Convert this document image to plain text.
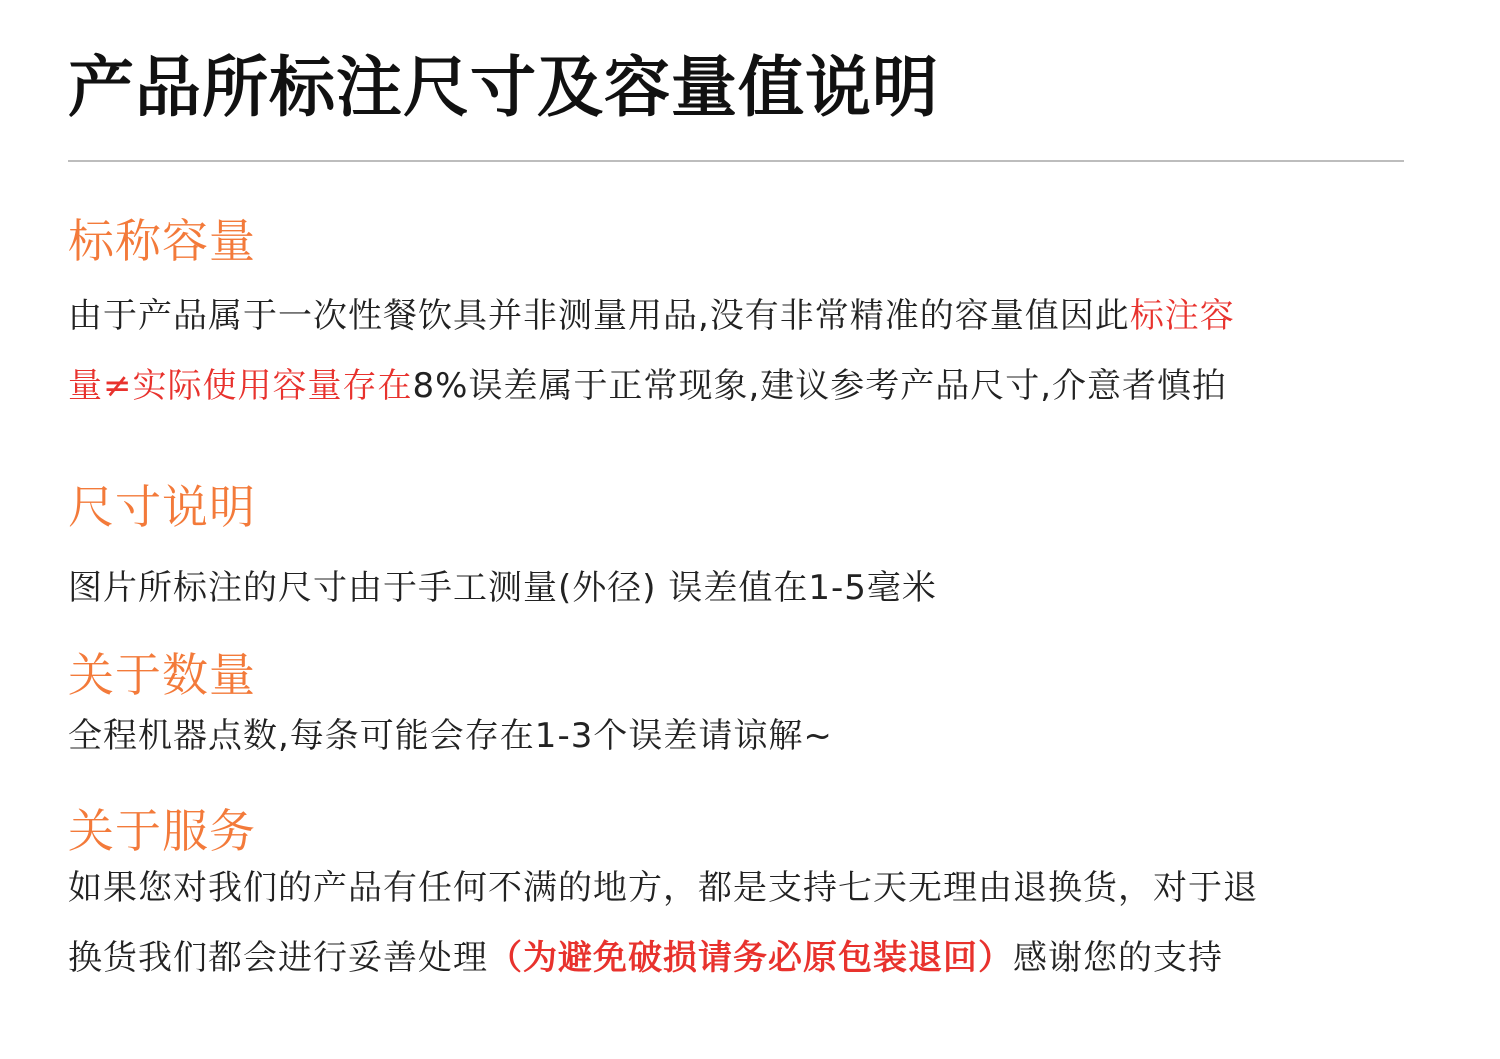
产品所标注尺寸及容量值说明
标称容量
由于产品属于一次性餐饮具并非测量用品,没有非常精准的容量值因此标注容
量≠实际使用容量存在8%误差属于正常现象,建议参考产品尺寸,介意者慎拍
尺寸说明
图片所标注的尺寸由于手工测量(外径) 误差值在1-5毫米
关于数量
全程机器点数,每条可能会存在1-3个误差请谅解~
关于服务
如果您对我们的产品有任何不满的地方，都是支持七天无理由退换货，对于退
换货我们都会进行妥善处理（为避免破损请务必原包装退回）感谢您的支持
